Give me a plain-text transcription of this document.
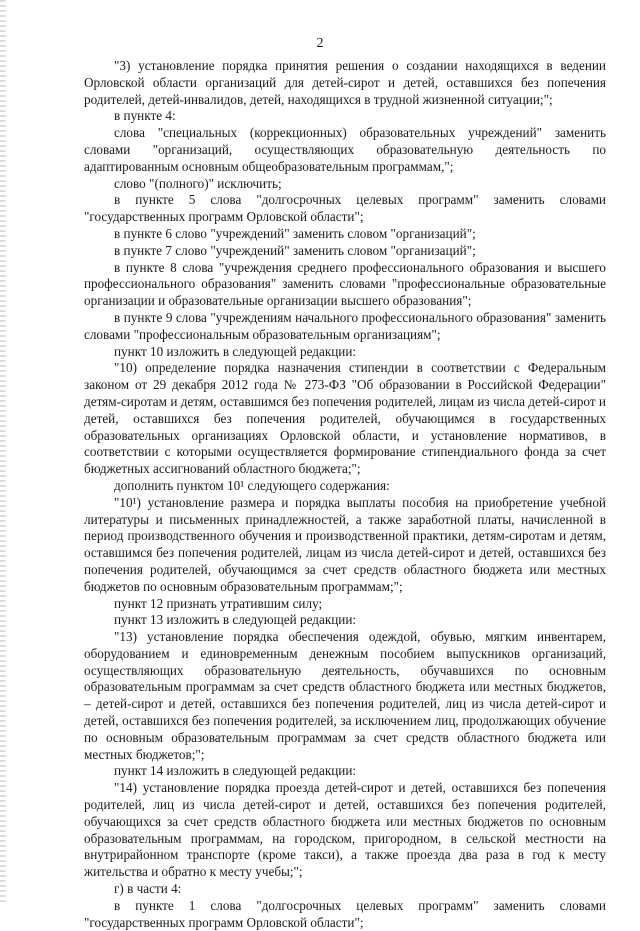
2

"3) установление порядка принятия решения о создании находящихся в ведении Орловской области организаций для детей-сирот и детей, оставшихся без попечения родителей, детей-инвалидов, детей, находящихся в трудной жизненной ситуации;";

в пункте 4:

слова "специальных (коррекционных) образовательных учреждений" заменить словами "организаций, осуществляющих образовательную деятельность по адаптированным основным общеобразовательным программам,";

слово "(полного)" исключить;

в пункте 5 слова "долгосрочных целевых программ" заменить словами "государственных программ Орловской области";

в пункте 6 слово "учреждений" заменить словом "организаций";

в пункте 7 слово "учреждений" заменить словом "организаций";

в пункте 8 слова "учреждения среднего профессионального образования и высшего профессионального образования" заменить словами "профессиональные образовательные организации и образовательные организации высшего образования";

в пункте 9 слова "учреждениям начального профессионального образования" заменить словами "профессиональным образовательным организациям";

пункт 10 изложить в следующей редакции:

"10) определение порядка назначения стипендии в соответствии с Федеральным законом от 29 декабря 2012 года № 273-ФЗ "Об образовании в Российской Федерации" детям-сиротам и детям, оставшимся без попечения родителей, лицам из числа детей-сирот и детей, оставшихся без попечения родителей, обучающимся в государственных образовательных организациях Орловской области, и установление нормативов, в соответствии с которыми осуществляется формирование стипендиального фонда за счет бюджетных ассигнований областного бюджета;";

дополнить пунктом 10¹ следующего содержания:

"10¹) установление размера и порядка выплаты пособия на приобретение учебной литературы и письменных принадлежностей, а также заработной платы, начисленной в период производственного обучения и производственной практики, детям-сиротам и детям, оставшимся без попечения родителей, лицам из числа детей-сирот и детей, оставшихся без попечения родителей, обучающимся за счет средств областного бюджета или местных бюджетов по основным образовательным программам;";

пункт 12 признать утратившим силу;

пункт 13 изложить в следующей редакции:

"13) установление порядка обеспечения одеждой, обувью, мягким инвентарем, оборудованием и единовременным денежным пособием выпускников организаций, осуществляющих образовательную деятельность, обучавшихся по основным образовательным программам за счет средств областного бюджета или местных бюджетов, – детей-сирот и детей, оставшихся без попечения родителей, лиц из числа детей-сирот и детей, оставшихся без попечения родителей, за исключением лиц, продолжающих обучение по основным образовательным программам за счет средств областного бюджета или местных бюджетов;";

пункт 14 изложить в следующей редакции:

"14) установление порядка проезда детей-сирот и детей, оставшихся без попечения родителей, лиц из числа детей-сирот и детей, оставшихся без попечения родителей, обучающихся за счет средств областного бюджета или местных бюджетов по основным образовательным программам, на городском, пригородном, в сельской местности на внутрирайонном транспорте (кроме такси), а также проезда два раза в год к месту жительства и обратно к месту учебы;";

г) в части 4:

в пункте 1 слова "долгосрочных целевых программ" заменить словами "государственных программ Орловской области";
